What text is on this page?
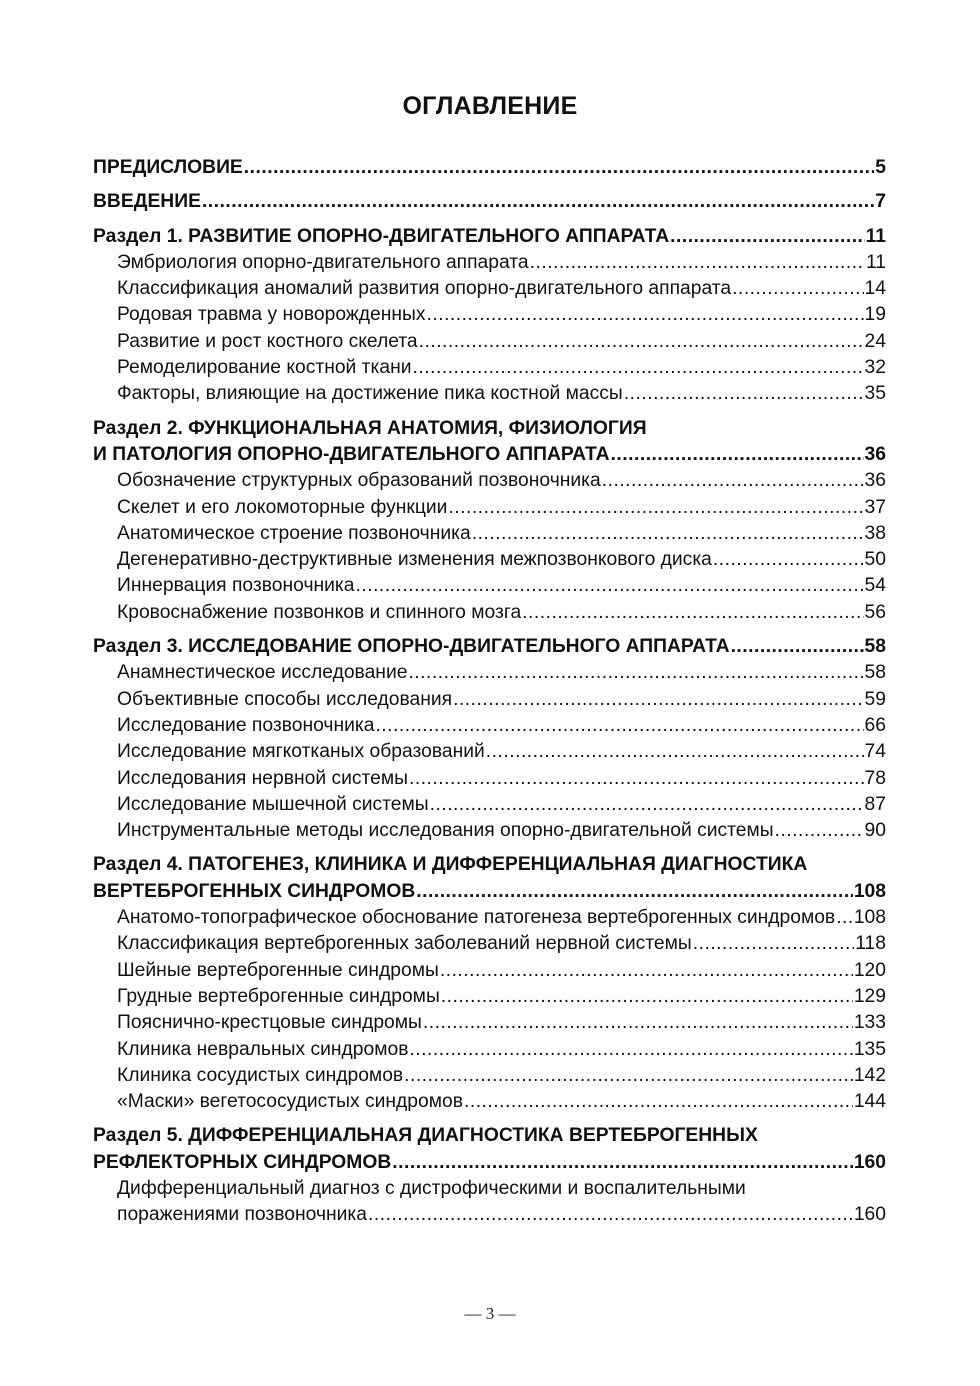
ОГЛАВЛЕНИЕ
ПРЕДИСЛОВИЕ .....	5
ВВЕДЕНИЕ .....	7
Раздел 1. РАЗВИТИЕ ОПОРНО-ДВИГАТЕЛЬНОГО АППАРАТА .....	11
Эмбриология опорно-двигательного аппарата .....	11
Классификация аномалий развития опорно-двигательного аппарата .....	14
Родовая травма у новорожденных .....	19
Развитие и рост костного скелета .....	24
Ремоделирование костной ткани .....	32
Факторы, влияющие на достижение пика костной массы .....	35
Раздел 2. ФУНКЦИОНАЛЬНАЯ АНАТОМИЯ, ФИЗИОЛОГИЯ
И ПАТОЛОГИЯ ОПОРНО-ДВИГАТЕЛЬНОГО АППАРАТА .....	36
Обозначение структурных образований позвоночника .....	36
Скелет и его локомоторные функции .....	37
Анатомическое строение позвоночника .....	38
Дегенеративно-деструктивные изменения межпозвонкового диска .....	50
Иннервация позвоночника .....	54
Кровоснабжение позвонков и спинного мозга .....	56
Раздел 3. ИССЛЕДОВАНИЕ ОПОРНО-ДВИГАТЕЛЬНОГО АППАРАТА .....	58
Анамнестическое исследование .....	58
Объективные способы исследования .....	59
Исследование позвоночника .....	66
Исследование мягкотканых образований .....	74
Исследования нервной системы .....	78
Исследование мышечной системы .....	87
Инструментальные методы исследования опорно-двигательной системы .....	90
Раздел 4. ПАТОГЕНЕЗ, КЛИНИКА И ДИФФЕРЕНЦИАЛЬНАЯ ДИАГНОСТИКА
ВЕРТЕБРОГЕННЫХ СИНДРОМОВ .....	108
Анатомо-топографическое обоснование патогенеза вертеброгенных синдромов ..... 108
Классификация вертеброгенных заболеваний нервной системы .....	118
Шейные вертеброгенные синдромы .....	120
Грудные вертеброгенные синдромы .....	129
Пояснично-крестцовые синдромы .....	133
Клиника невральных синдромов .....	135
Клиника сосудистых синдромов .....	142
«Маски» вегетососудистых синдромов .....	144
Раздел 5. ДИФФЕРЕНЦИАЛЬНАЯ ДИАГНОСТИКА ВЕРТЕБРОГЕННЫХ
РЕФЛЕКТОРНЫХ СИНДРОМОВ .....	160
Дифференциальный диагноз с дистрофическими и воспалительными
поражениями позвоночника .....	160
— 3 —
